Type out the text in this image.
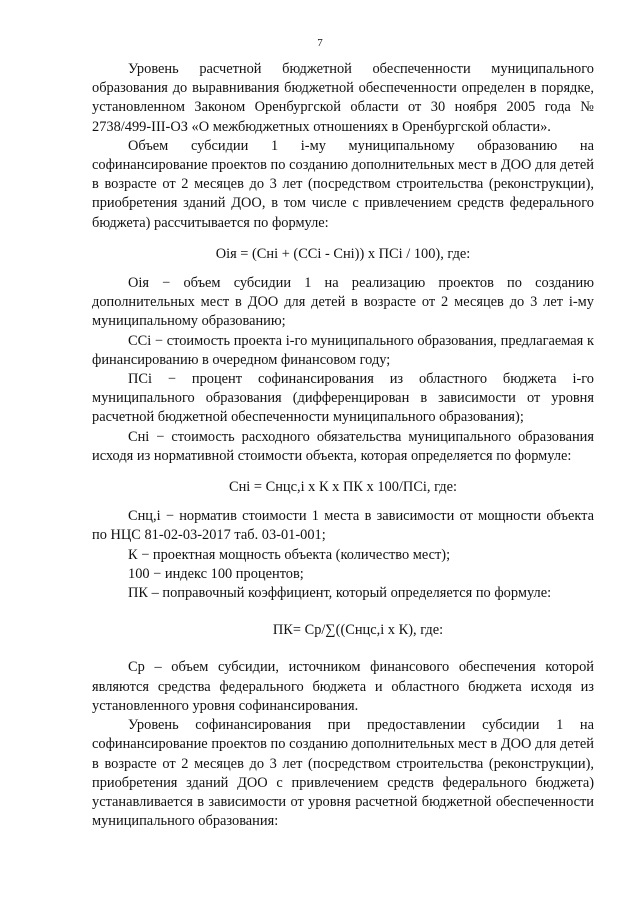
7

Уровень расчетной бюджетной обеспеченности муниципального образования до выравнивания бюджетной обеспеченности определен в порядке, установленном Законом Оренбургской области от 30 ноября 2005 года № 2738/499-III-ОЗ «О межбюджетных отношениях в Оренбургской области».

Объем субсидии 1 i-му муниципальному образованию на софинансирование проектов по созданию дополнительных мест в ДОО для детей в возрасте от 2 месяцев до 3 лет (посредством строительства (реконструкции), приобретения зданий ДОО, в том числе с привлечением средств федерального бюджета) рассчитывается по формуле:

Оiя = (Снi + (ССi - Снi)) x ПСi / 100), где:

Оiя − объем субсидии 1 на реализацию проектов по созданию дополнительных мест в ДОО для детей в возрасте от 2 месяцев до 3 лет i-му муниципальному образованию;

ССi − стоимость проекта i-го муниципального образования, предлагаемая к финансированию в очередном финансовом году;

ПСi − процент софинансирования из областного бюджета i-го муниципального образования (дифференцирован в зависимости от уровня расчетной бюджетной обеспеченности муниципального образования);

Снi − стоимость расходного обязательства муниципального образования исходя из нормативной стоимости объекта, которая определяется по формуле:

Снi = Снцс,i x К x ПК x 100/ПСi, где:

Снц,i − норматив стоимости 1 места в зависимости от мощности объекта по НЦС 81-02-03-2017 таб. 03-01-001;

К − проектная мощность объекта (количество мест);

100 − индекс 100 процентов;

ПК – поправочный коэффициент, который определяется по формуле:

ПК= Ср/∑((Снцс,i x К), где:

Ср – объем субсидии, источником финансового обеспечения которой являются средства федерального бюджета и областного бюджета исходя из установленного уровня софинансирования.

Уровень софинансирования при предоставлении субсидии 1 на софинансирование проектов по созданию дополнительных мест в ДОО для детей в возрасте от 2 месяцев до 3 лет (посредством строительства (реконструкции), приобретения зданий ДОО с привлечением средств федерального бюджета) устанавливается в зависимости от уровня расчетной бюджетной обеспеченности муниципального образования:
